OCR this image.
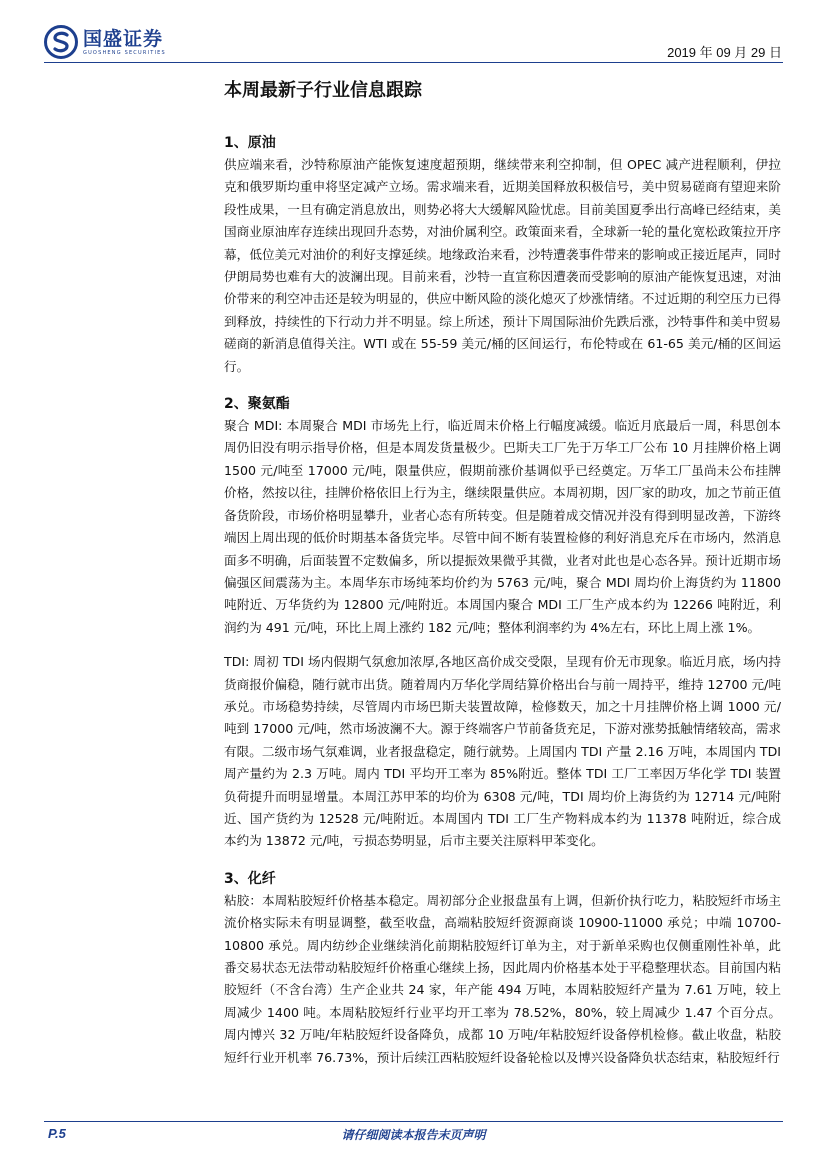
国盛证券
GUOSHENG SECURITIES	2019 年 09 月 29 日
本周最新子行业信息跟踪
1、原油

供应端来看，沙特称原油产能恢复速度超预期，继续带来利空抑制，但 OPEC 减产进程顺利，伊拉克和俄罗斯均重申将坚定减产立场。需求端来看，近期美国释放积极信号，美中贸易磋商有望迎来阶段性成果，一旦有确定消息放出，则势必将大大缓解风险忧虑。目前美国夏季出行高峰已经结束，美国商业原油库存连续出现回升态势，对油价属利空。政策面来看，全球新一轮的量化宽松政策拉开序幕，低位美元对油价的利好支撑延续。地缘政治来看，沙特遭袭事件带来的影响或正接近尾声，同时伊朗局势也难有大的波澜出现。目前来看，沙特一直宣称因遭袭而受影响的原油产能恢复迅速，对油价带来的利空冲击还是较为明显的，供应中断风险的淡化熄灭了炒涨情绪。不过近期的利空压力已得到释放，持续性的下行动力并不明显。综上所述，预计下周国际油价先跌后涨，沙特事件和美中贸易磋商的新消息值得关注。WTI 或在 55-59 美元/桶的区间运行，布伦特或在 61-65 美元/桶的区间运行。

2、聚氨酯

聚合 MDI: 本周聚合 MDI 市场先上行，临近周末价格上行幅度减缓。临近月底最后一周，科思创本周仍旧没有明示指导价格，但是本周发货量极少。巴斯夫工厂先于万华工厂公布 10 月挂牌价格上调 1500 元/吨至 17000 元/吨，限量供应，假期前涨价基调似乎已经奠定。万华工厂虽尚未公布挂牌价格，然按以往，挂牌价格依旧上行为主，继续限量供应。本周初期，因厂家的助攻，加之节前正值备货阶段，市场价格明显攀升，业者心态有所转变。但是随着成交情况并没有得到明显改善，下游终端因上周出现的低价时期基本备货完毕。尽管中间不断有装置检修的利好消息充斥在市场内，然消息面多不明确，后面装置不定数偏多，所以提振效果微乎其微，业者对此也是心态各异。预计近期市场偏强区间震荡为主。本周华东市场纯苯均价约为 5763 元/吨，聚合 MDI 周均价上海货约为 11800 吨附近、万华货约为 12800 元/吨附近。本周国内聚合 MDI 工厂生产成本约为 12266 吨附近，利润约为 491 元/吨，环比上周上涨约 182 元/吨；整体利润率约为 4%左右，环比上周上涨 1%。

TDI: 周初 TDI 场内假期气氛愈加浓厚,各地区高价成交受限，呈现有价无市现象。临近月底，场内持货商报价偏稳，随行就市出货。随着周内万华化学周结算价格出台与前一周持平，维持 12700 元/吨承兑。市场稳势持续，尽管周内市场巴斯夫装置故障，检修数天，加之十月挂牌价格上调 1000 元/吨到 17000 元/吨，然市场波澜不大。源于终端客户节前备货充足，下游对涨势抵触情绪较高，需求有限。二级市场气氛难调，业者报盘稳定，随行就势。上周国内 TDI 产量 2.16 万吨，本周国内 TDI 周产量约为 2.3 万吨。周内 TDI 平均开工率为 85%附近。整体 TDI 工厂工率因万华化学 TDI 装置负荷提升而明显增量。本周江苏甲苯的均价为 6308 元/吨，TDI 周均价上海货约为 12714 元/吨附近、国产货约为 12528 元/吨附近。本周国内 TDI 工厂生产物料成本约为 11378 吨附近，综合成本约为 13872 元/吨，亏损态势明显，后市主要关注原料甲苯变化。

3、化纤

粘胶：本周粘胶短纤价格基本稳定。周初部分企业报盘虽有上调，但新价执行吃力，粘胶短纤市场主流价格实际未有明显调整，截至收盘，高端粘胶短纤资源商谈 10900-11000 承兑；中端 10700-10800 承兑。周内纺纱企业继续消化前期粘胶短纤订单为主，对于新单采购也仅侧重刚性补单，此番交易状态无法带动粘胶短纤价格重心继续上扬，因此周内价格基本处于平稳整理状态。目前国内粘胶短纤（不含台湾）生产企业共 24 家，年产能 494 万吨，本周粘胶短纤产量为 7.61 万吨，较上周减少 1400 吨。本周粘胶短纤行业平均开工率为 78.52%，80%，较上周减少 1.47 个百分点。周内博兴 32 万吨/年粘胶短纤设备降负，成都 10 万吨/年粘胶短纤设备停机检修。截止收盘，粘胶短纤行业开机率 76.73%，预计后续江西粘胶短纤设备轮检以及博兴设备降负状态结束，粘胶短纤行

P.5	请仔细阅读本报告末页声明
